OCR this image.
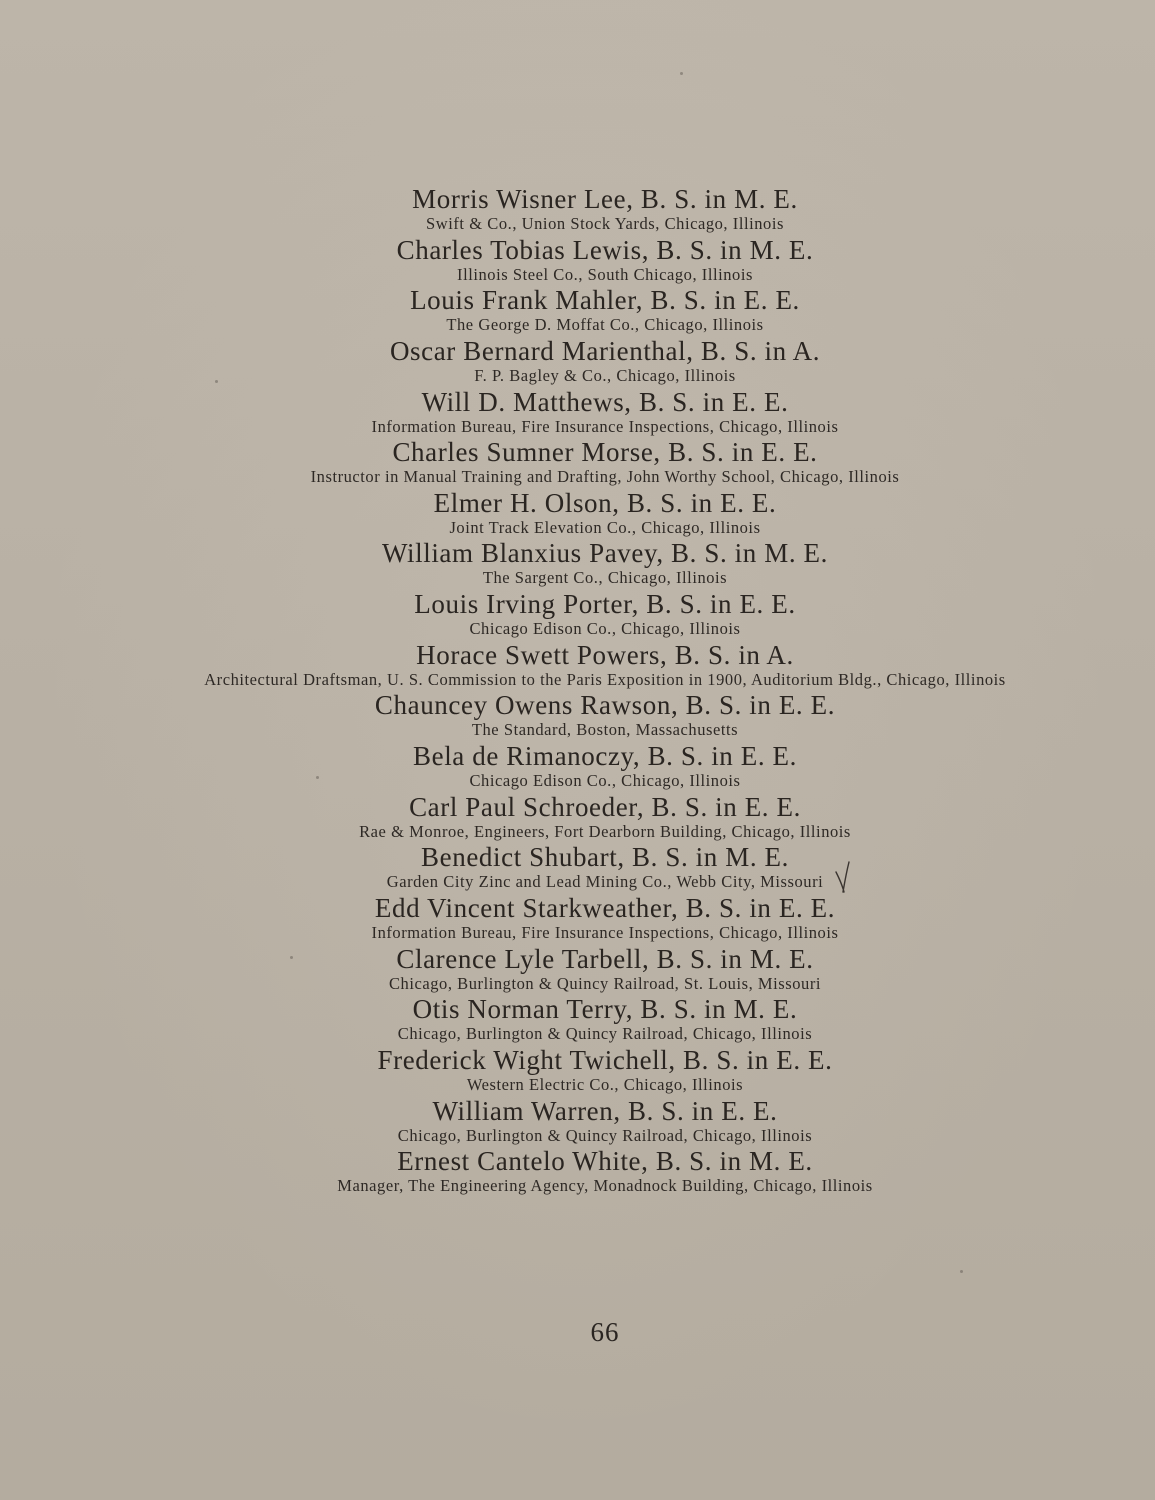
Morris Wisner Lee, B. S. in M. E.
Swift & Co., Union Stock Yards, Chicago, Illinois
Charles Tobias Lewis, B. S. in M. E.
Illinois Steel Co., South Chicago, Illinois
Louis Frank Mahler, B. S. in E. E.
The George D. Moffat Co., Chicago, Illinois
Oscar Bernard Marienthal, B. S. in A.
F. P. Bagley & Co., Chicago, Illinois
Will D. Matthews, B. S. in E. E.
Information Bureau, Fire Insurance Inspections, Chicago, Illinois
Charles Sumner Morse, B. S. in E. E.
Instructor in Manual Training and Drafting, John Worthy School, Chicago, Illinois
Elmer H. Olson, B. S. in E. E.
Joint Track Elevation Co., Chicago, Illinois
William Blanxius Pavey, B. S. in M. E.
The Sargent Co., Chicago, Illinois
Louis Irving Porter, B. S. in E. E.
Chicago Edison Co., Chicago, Illinois
Horace Swett Powers, B. S. in A.
Architectural Draftsman, U. S. Commission to the Paris Exposition in 1900, Auditorium Bldg., Chicago, Illinois
Chauncey Owens Rawson, B. S. in E. E.
The Standard, Boston, Massachusetts
Bela de Rimanoczy, B. S. in E. E.
Chicago Edison Co., Chicago, Illinois
Carl Paul Schroeder, B. S. in E. E.
Rae & Monroe, Engineers, Fort Dearborn Building, Chicago, Illinois
Benedict Shubart, B. S. in M. E.
Garden City Zinc and Lead Mining Co., Webb City, Missouri
Edd Vincent Starkweather, B. S. in E. E.
Information Bureau, Fire Insurance Inspections, Chicago, Illinois
Clarence Lyle Tarbell, B. S. in M. E.
Chicago, Burlington & Quincy Railroad, St. Louis, Missouri
Otis Norman Terry, B. S. in M. E.
Chicago, Burlington & Quincy Railroad, Chicago, Illinois
Frederick Wight Twichell, B. S. in E. E.
Western Electric Co., Chicago, Illinois
William Warren, B. S. in E. E.
Chicago, Burlington & Quincy Railroad, Chicago, Illinois
Ernest Cantelo White, B. S. in M. E.
Manager, The Engineering Agency, Monadnock Building, Chicago, Illinois
66
